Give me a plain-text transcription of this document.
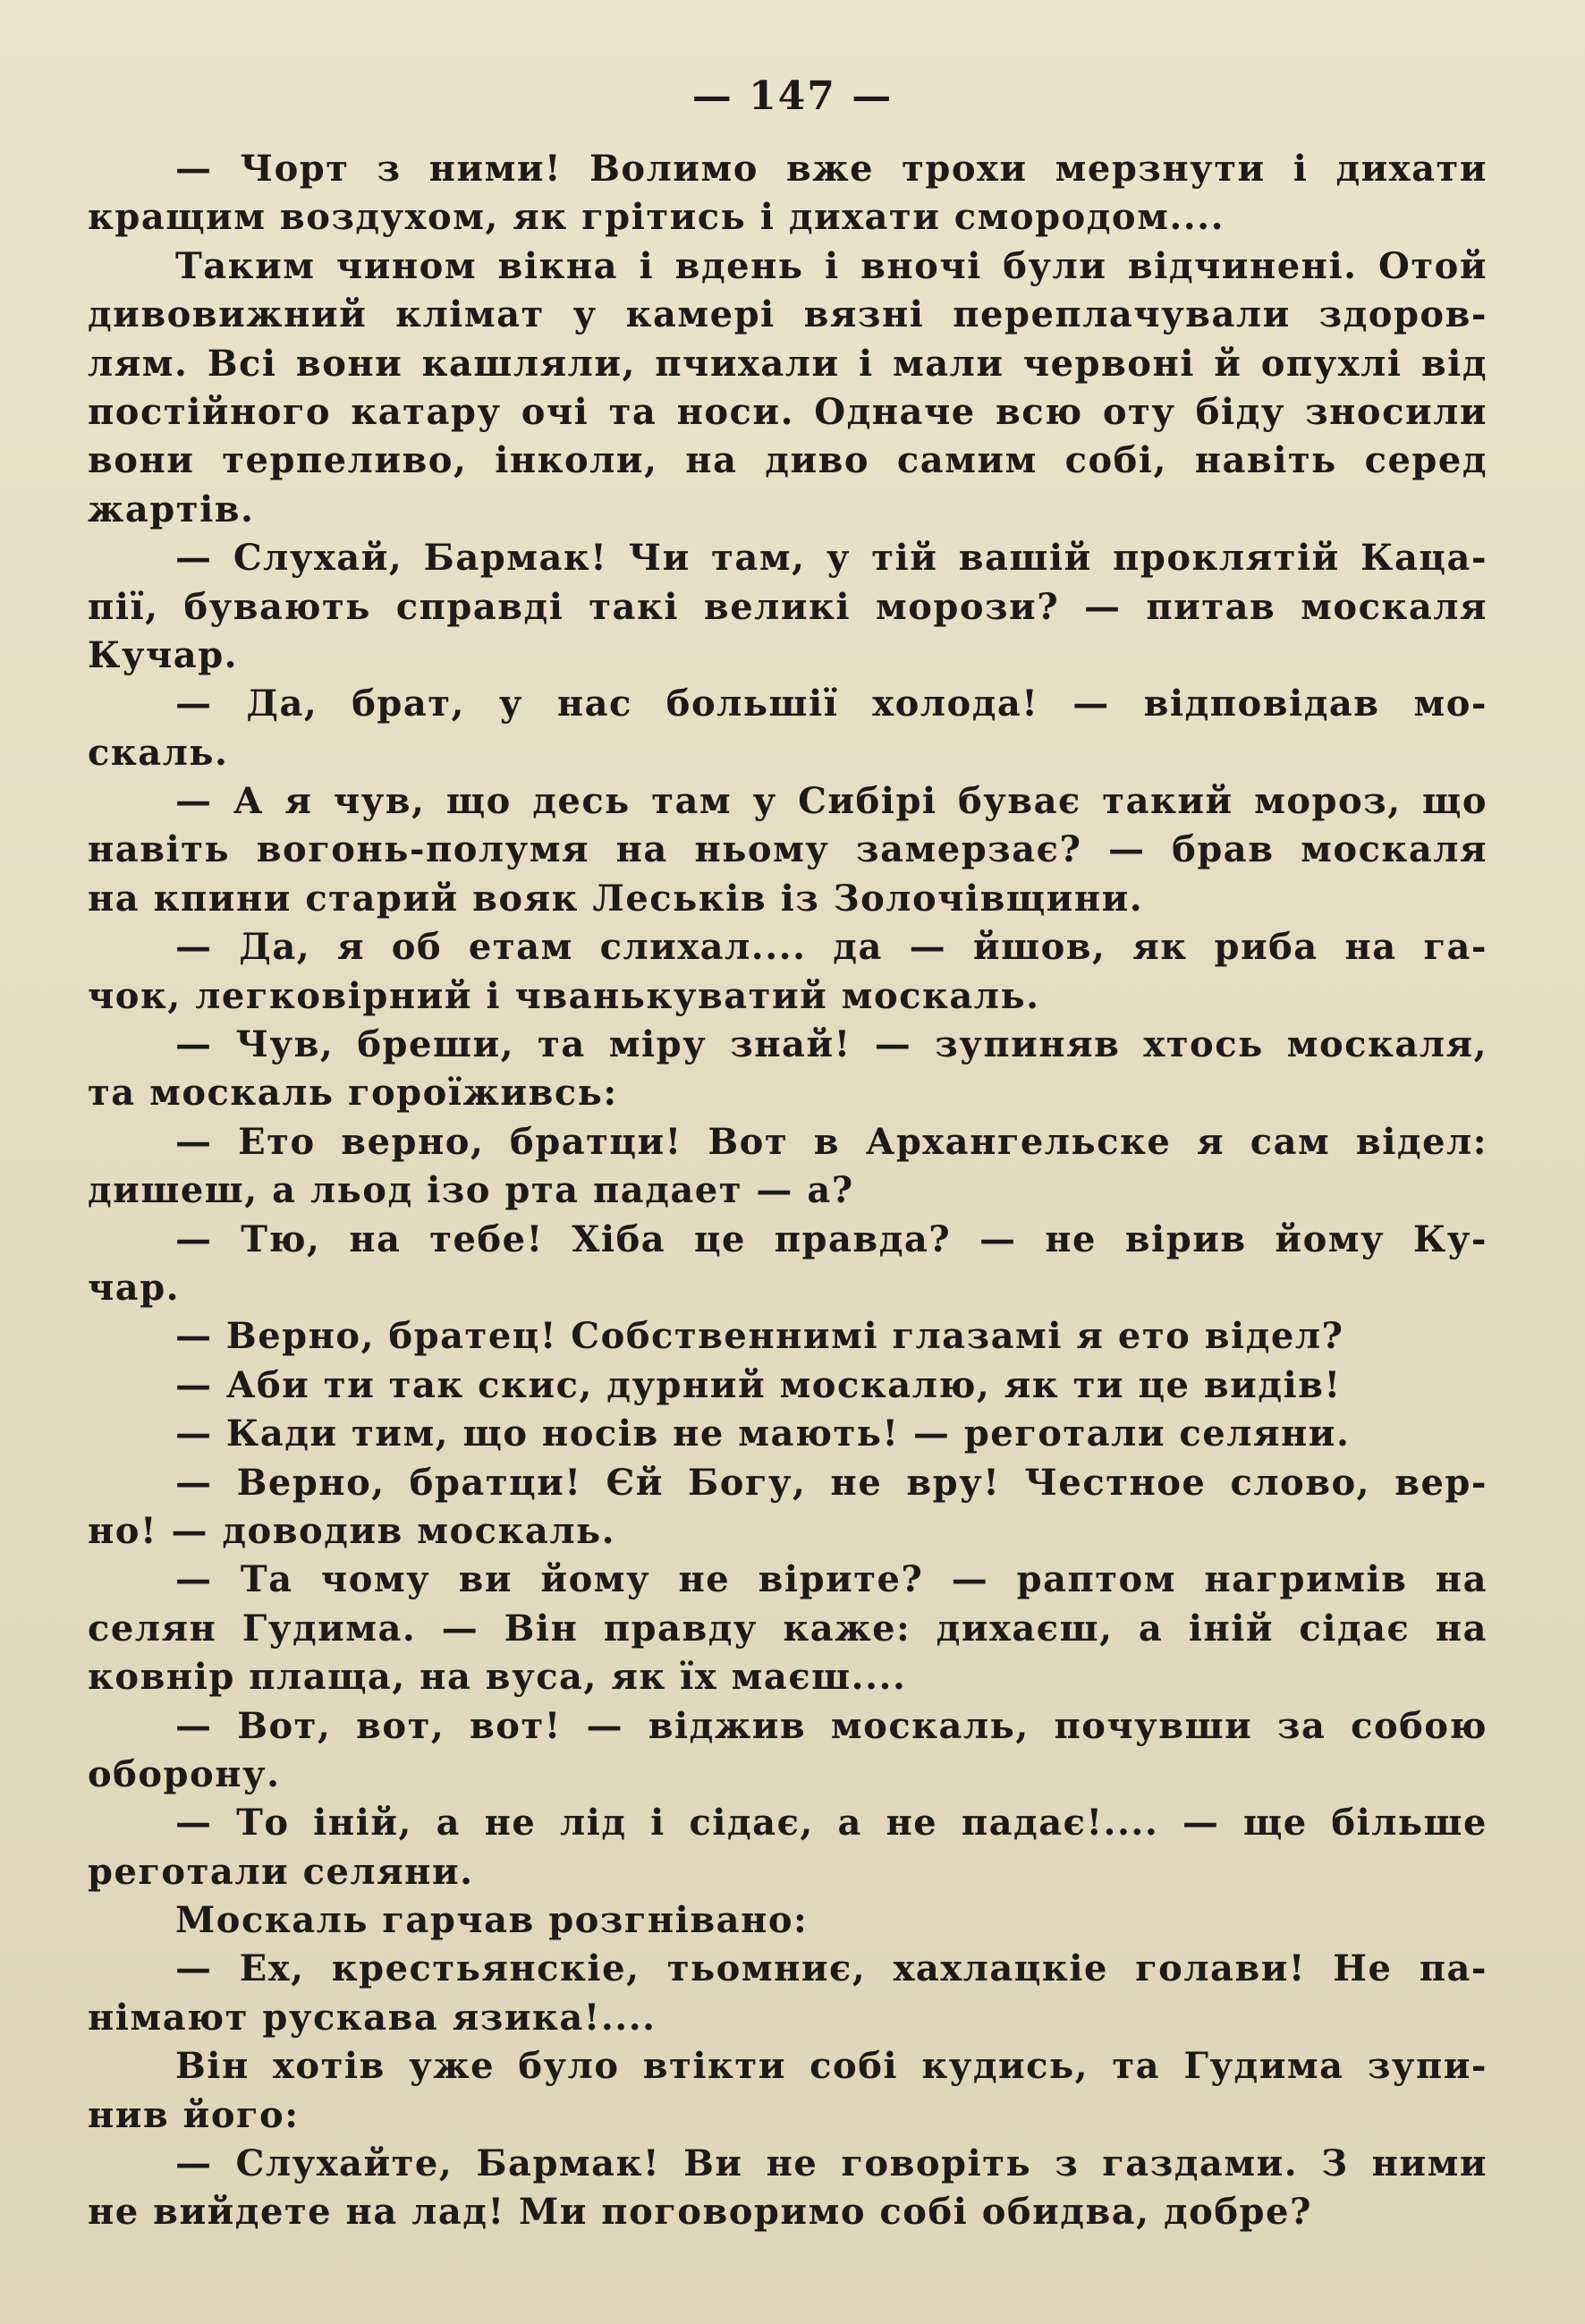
— 147 —
— Чорт з ними! Волимо вже трохи мерзнути і дихати
кращим воздухом, як грітись і дихати смородом....
Таким чином вікна і вдень і вночі були відчинені. Отой
дивовижний клімат у камері вязні переплачували здоров-
лям. Всі вони кашляли, пчихали і мали червоні й опухлі від
постійного катару очі та носи. Одначе всю оту біду зносили
вони терпеливо, інколи, на диво самим собі, навіть серед
жартів.
— Слухай, Бармак! Чи там, у тій вашій проклятій Каца-
пії, бувають справді такі великі морози? — питав москаля
Кучар.
— Да, брат, у нас большії холода! — відповідав мо-
скаль.
— А я чув, що десь там у Сибірі буває такий мороз, що
навіть вогонь-полумя на ньому замерзає? — брав москаля
на кпини старий вояк Леськів із Золочівщини.
— Да, я об етам слихал.... да — йшов, як риба на га-
чок, легковірний і чванькуватий москаль.
— Чув, бреши, та міру знай! — зупиняв хтось москаля,
та москаль гороїживсь:
— Ето верно, братци! Вот в Архангельске я сам відел:
дишеш, а льод ізо рта падает — а?
— Тю, на тебе! Хіба це правда? — не вірив йому Ку-
чар.
— Верно, братец! Собственнимі глазамі я ето відел?
— Аби ти так скис, дурний москалю, як ти це видів!
— Кади тим, що носів не мають! — реготали селяни.
— Верно, братци! Єй Богу, не вру! Честное слово, вер-
но! — доводив москаль.
— Та чому ви йому не вірите? — раптом нагримів на
селян Гудима. — Він правду каже: дихаєш, а іній сідає на
ковнір плаща, на вуса, як їх маєш....
— Вот, вот, вот! — віджив москаль, почувши за собою
оборону.
— То іній, а не лід і сідає, а не падає!.... — ще більше
реготали селяни.
Москаль гарчав розгнівано:
— Ех, крестьянскіе, тьомниє, хахлацкіе голави! Не па-
німают рускава язика!....
Він хотів уже було втікти собі кудись, та Гудима зупи-
нив його:
— Слухайте, Бармак! Ви не говоріть з газдами. З ними
не вийдете на лад! Ми поговоримо собі обидва, добре?
